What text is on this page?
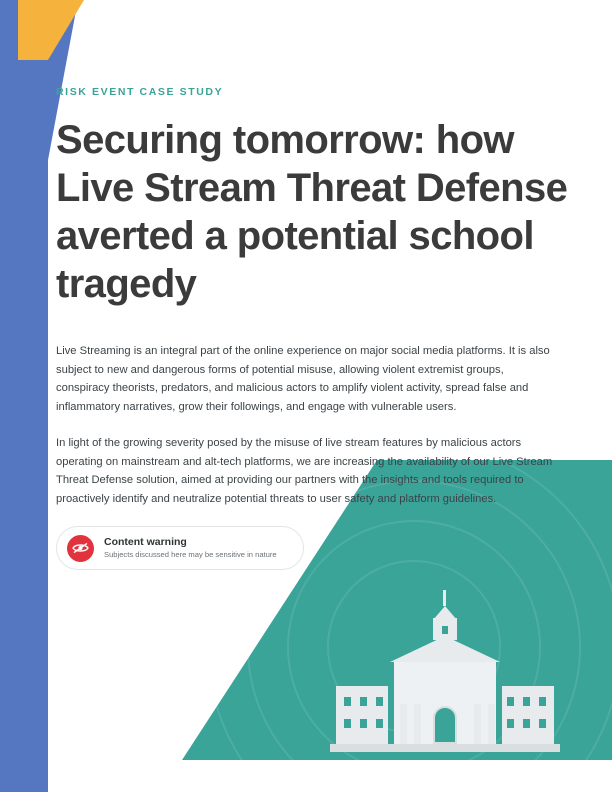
RISK EVENT CASE STUDY
Securing tomorrow: how Live Stream Threat Defense averted a potential school tragedy

Live Streaming is an integral part of the online experience on major social media platforms. It is also subject to new and dangerous forms of potential misuse, allowing violent extremist groups, conspiracy theorists, predators, and malicious actors to amplify violent activity, spread false and inflammatory narratives, grow their followings, and engage with vulnerable users.

In light of the growing severity posed by the misuse of live stream features by malicious actors operating on mainstream and alt-tech platforms, we are increasing the availability of our Live Stream Threat Defense solution, aimed at providing our partners with the insights and tools required to proactively identify and neutralize potential threats to user safety and platform guidelines.

Content warning
Subjects discussed here may be sensitive in nature
